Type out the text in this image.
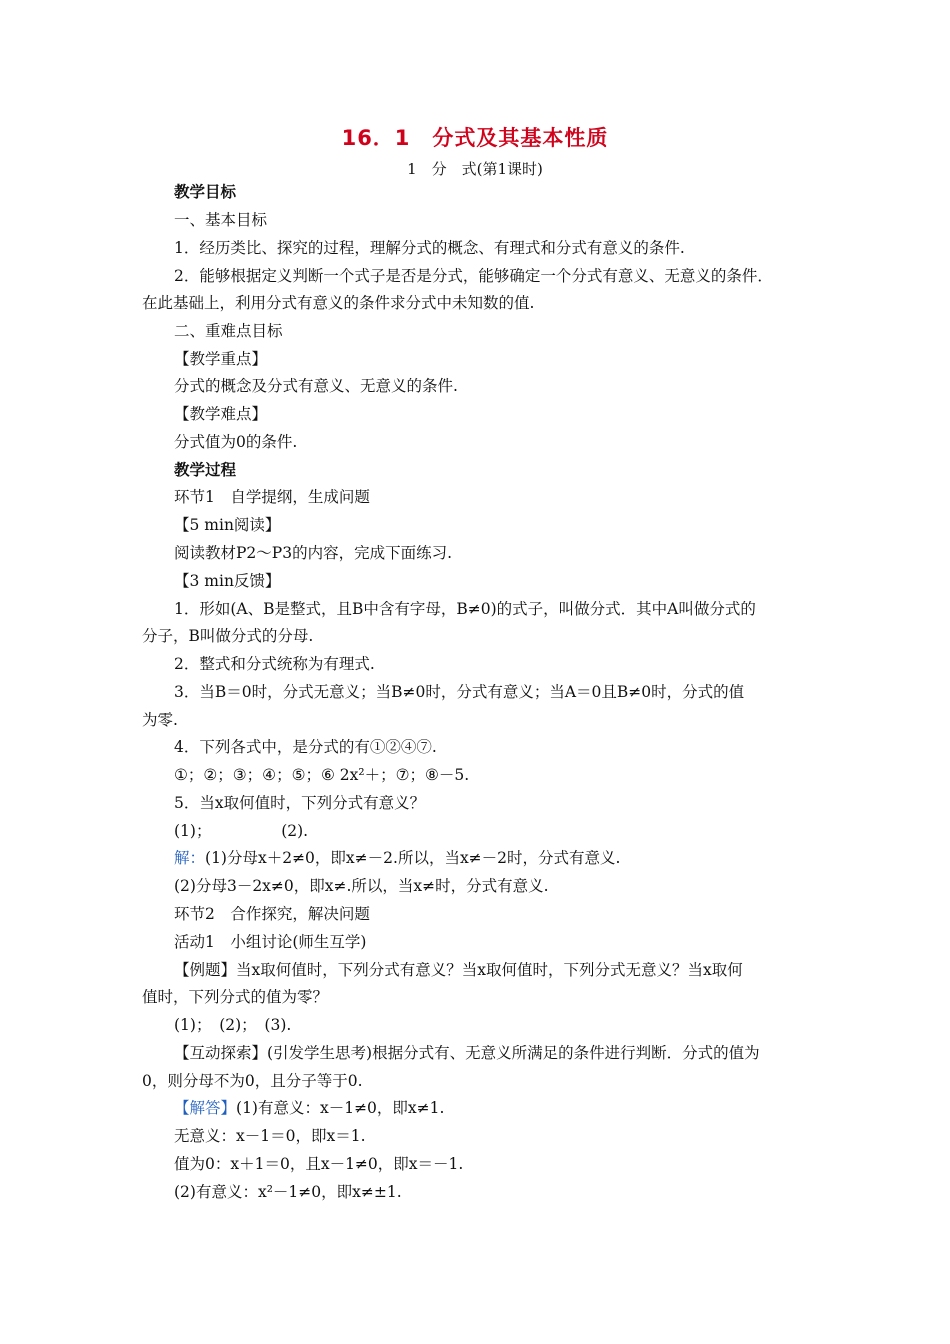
16．1　分式及其基本性质
1　分　式(第1课时)
教学目标
一、基本目标
1．经历类比、探究的过程，理解分式的概念、有理式和分式有意义的条件.
2．能够根据定义判断一个式子是否是分式，能够确定一个分式有意义、无意义的条件．
在此基础上，利用分式有意义的条件求分式中未知数的值.
二、重难点目标
【教学重点】
分式的概念及分式有意义、无意义的条件.
【教学难点】
分式值为0的条件.
教学过程
环节1　自学提纲，生成问题
【5 min阅读】
阅读教材P2～P3的内容，完成下面练习.
【3 min反馈】
1．形如(A、B是整式，且B中含有字母，B≠0)的式子，叫做分式．其中A叫做分式的
分子，B叫做分式的分母.
2．整式和分式统称为有理式.
3．当B＝0时，分式无意义；当B≠0时，分式有意义；当A＝0且B≠0时，分式的值
为零.
4．下列各式中，是分式的有①②④⑦.
①；②；③；④；⑤；⑥ 2x²＋；⑦；⑧－5.
5．当x取何值时，下列分式有意义？
(1)；　　　　　(2).
解：(1)分母x＋2≠0，即x≠－2.所以，当x≠－2时，分式有意义.
(2)分母3－2x≠0，即x≠.所以，当x≠时，分式有意义.
环节2　合作探究，解决问题
活动1　小组讨论(师生互学)
【例题】当x取何值时，下列分式有意义？当x取何值时，下列分式无意义？当x取何
值时，下列分式的值为零？
(1)；　(2)；　(3).
【互动探索】(引发学生思考)根据分式有、无意义所满足的条件进行判断．分式的值为
0，则分母不为0，且分子等于0.
【解答】(1)有意义：x－1≠0，即x≠1.
无意义：x－1＝0，即x＝1.
值为0：x＋1＝0，且x－1≠0，即x＝－1.
(2)有意义：x²－1≠0，即x≠±1.
